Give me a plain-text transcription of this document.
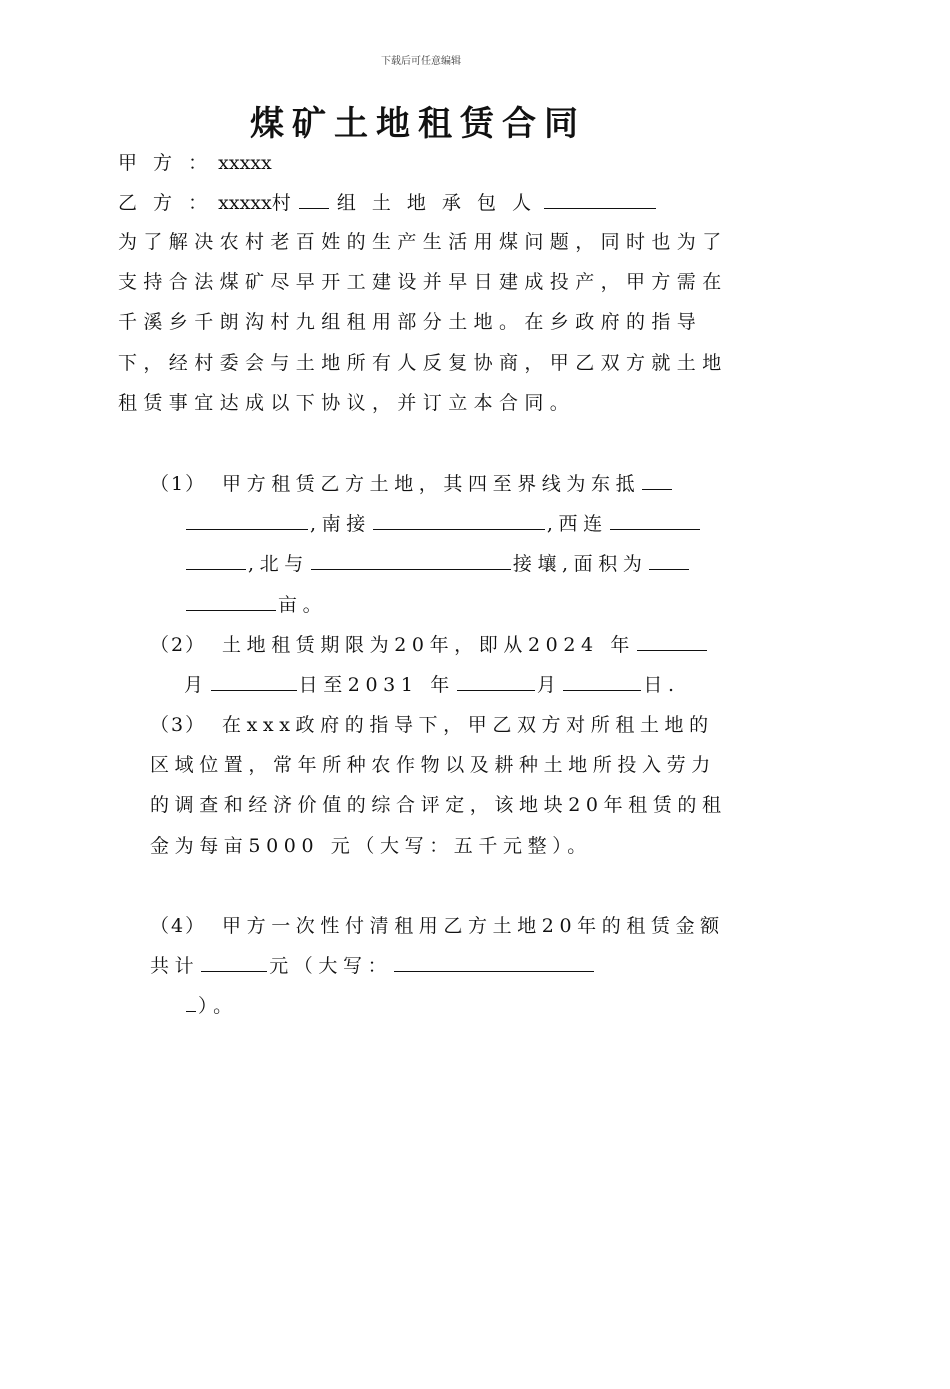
下载后可任意编辑
煤矿土地租赁合同
甲 方 ： xxxxx
乙 方 ： xxxxx村 组 土 地 承 包 人

为了解决农村老百姓的生产生活用煤问题，同时也为了支持合法煤矿尽早开工建设并早日建成投产，甲方需在千溪乡千朗沟村九组租用部分土地。在乡政府的指导下，经村委会与土地所有人反复协商，甲乙双方就土地租赁事宜达成以下协议，并订立本合同。

（1） 甲方租赁乙方土地，其四至界线为东抵
,南接	,西连
,北与	接壤,面积为
亩。
（2） 土地租赁期限为20年，即从2024 年
月	日至2031 年	月	日.
（3） 在xxx政府的指导下，甲乙双方对所租土地的区域位置，常年所种农作物以及耕种土地所投入劳力的调查和经济价值的综合评定，该地块20年租赁的租金为每亩5000 元（大写：五千元整）。
（4） 甲方一次性付清租用乙方土地20年的租赁金额共计	元（大写：
）。
